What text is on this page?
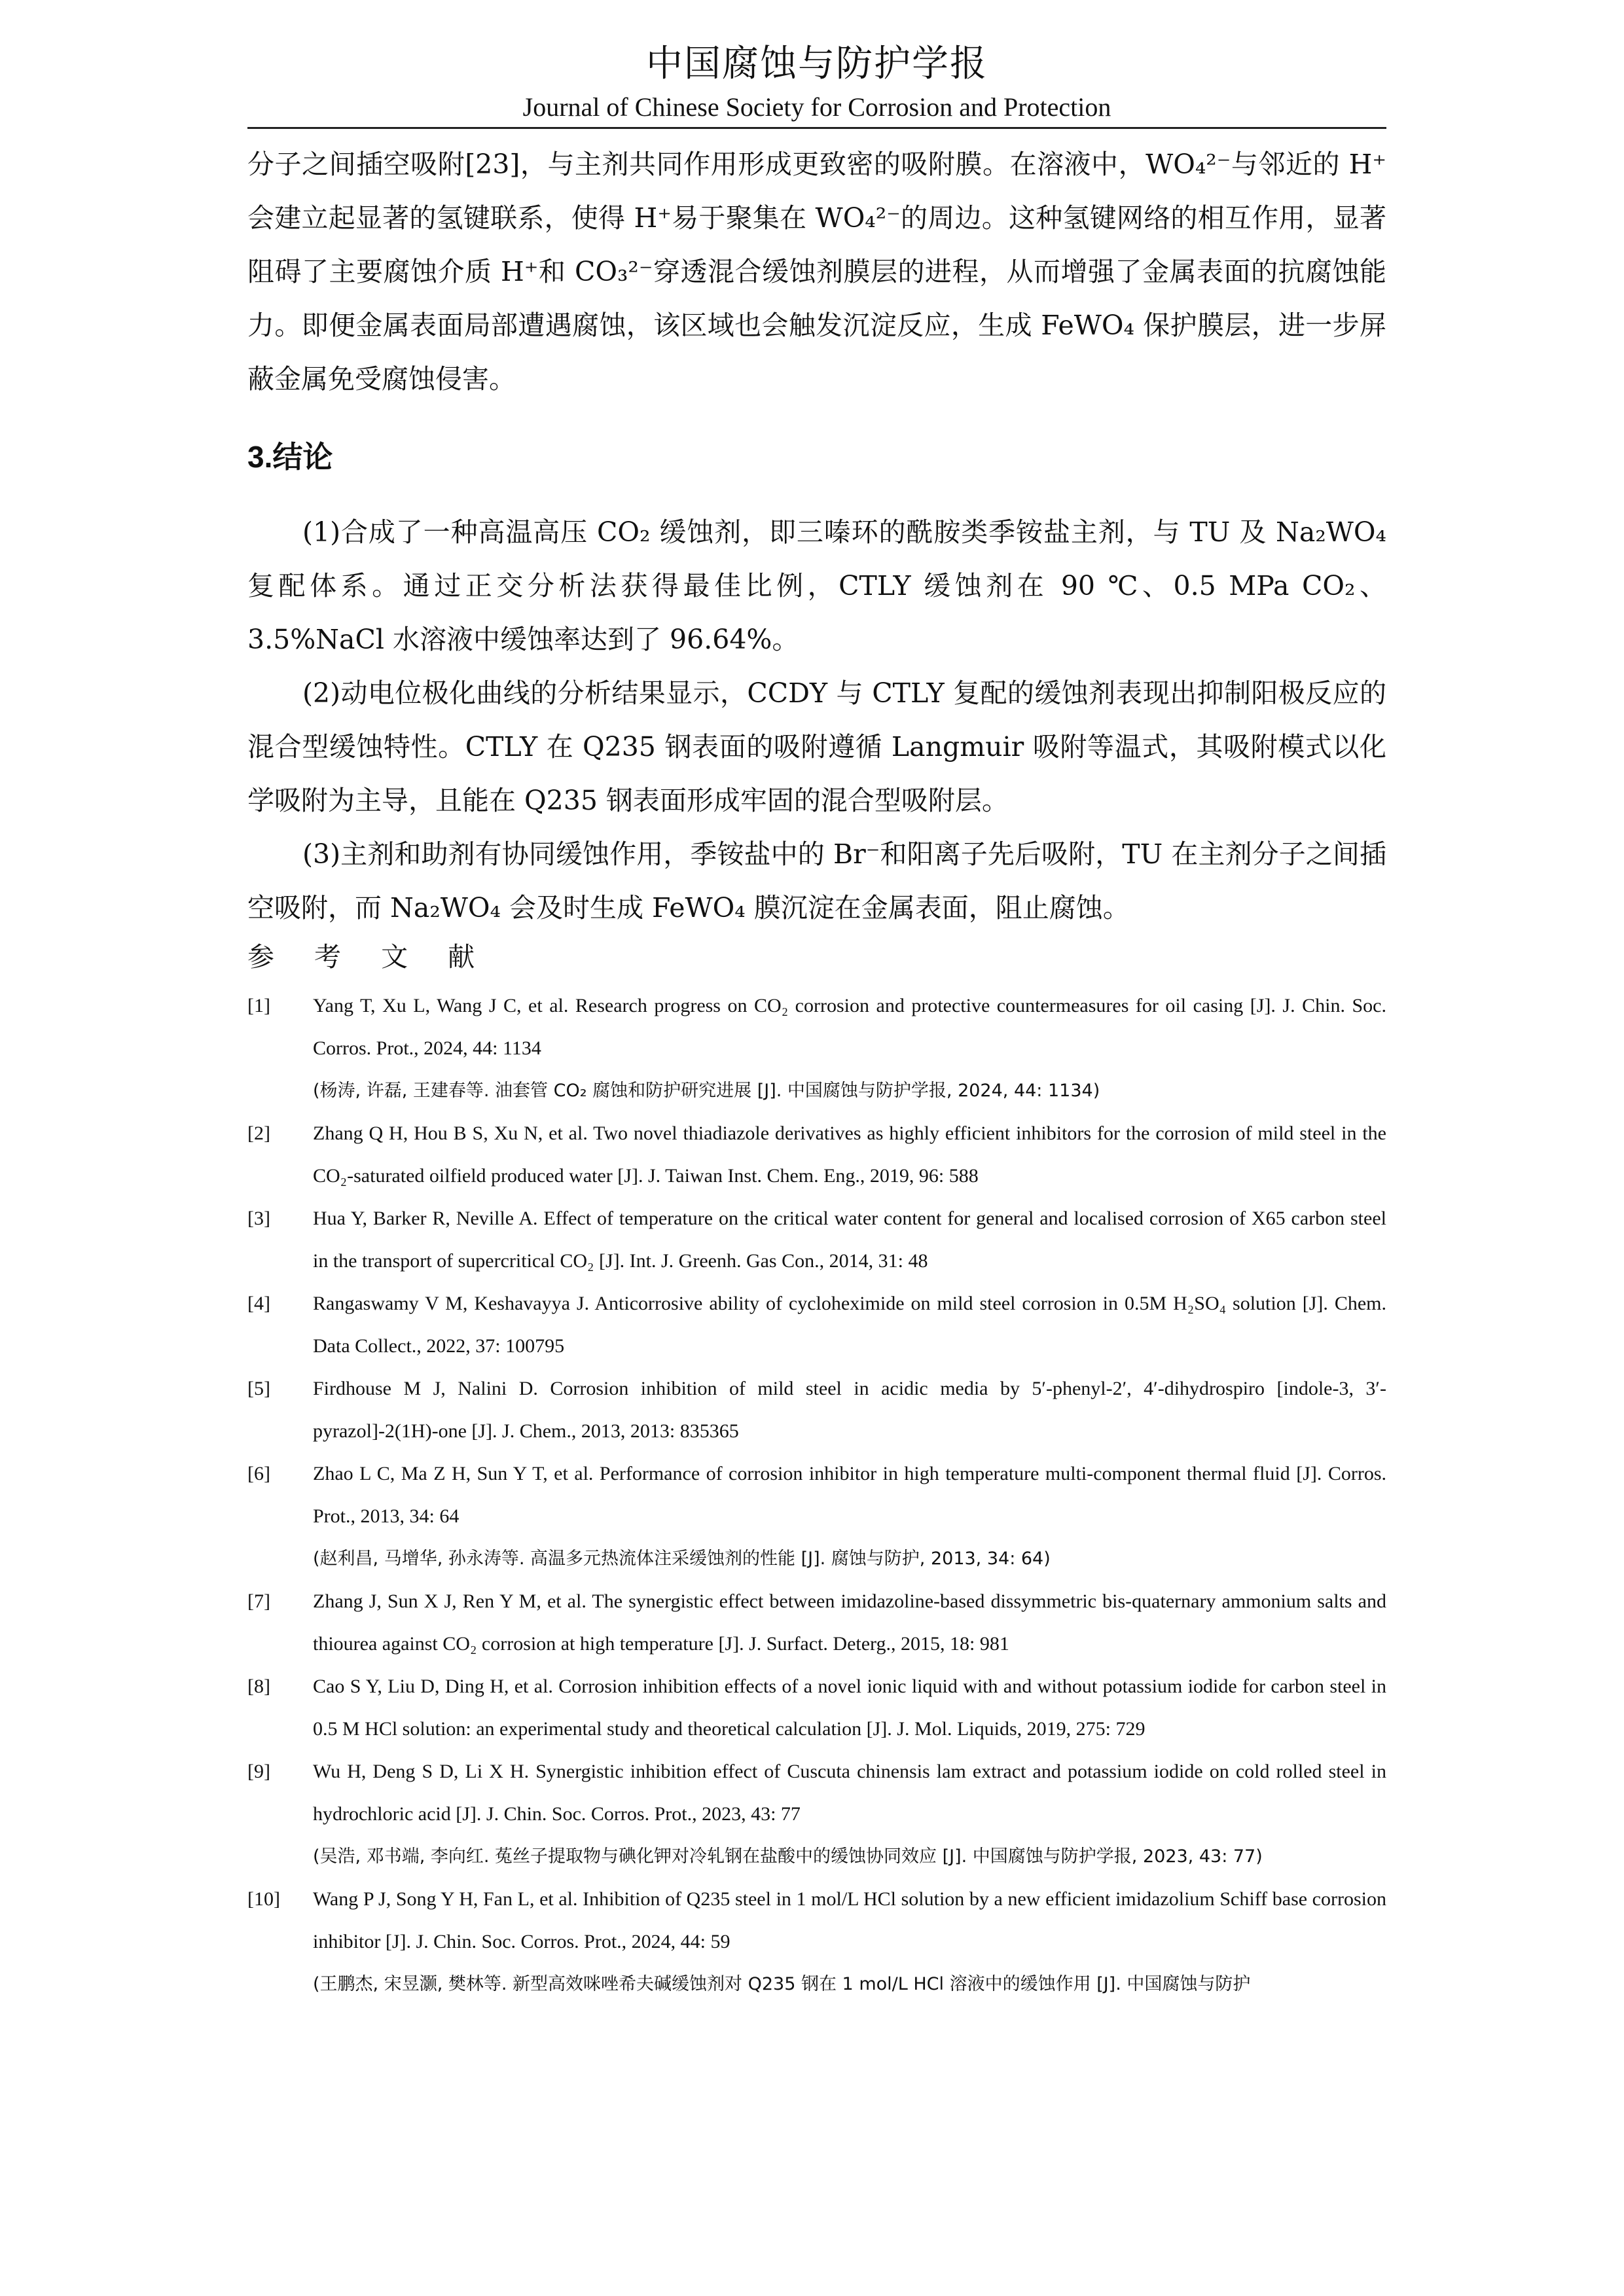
中国腐蚀与防护学报
Journal of Chinese Society for Corrosion and Protection

分子之间插空吸附[23]，与主剂共同作用形成更致密的吸附膜。在溶液中，WO₄²⁻与邻近的 H⁺会建立起显著的氢键联系，使得 H⁺易于聚集在 WO₄²⁻的周边。这种氢键网络的相互作用，显著阻碍了主要腐蚀介质 H⁺和 CO₃²⁻穿透混合缓蚀剂膜层的进程，从而增强了金属表面的抗腐蚀能力。即便金属表面局部遭遇腐蚀，该区域也会触发沉淀反应，生成 FeWO₄ 保护膜层，进一步屏蔽金属免受腐蚀侵害。

3.结论

(1)合成了一种高温高压 CO₂ 缓蚀剂，即三嗪环的酰胺类季铵盐主剂，与 TU 及 Na₂WO₄ 复配体系。通过正交分析法获得最佳比例，CTLY 缓蚀剂在 90 ℃、0.5 MPa CO₂、3.5%NaCl 水溶液中缓蚀率达到了 96.64%。

(2)动电位极化曲线的分析结果显示，CCDY 与 CTLY 复配的缓蚀剂表现出抑制阳极反应的混合型缓蚀特性。CTLY 在 Q235 钢表面的吸附遵循 Langmuir 吸附等温式，其吸附模式以化学吸附为主导，且能在 Q235 钢表面形成牢固的混合型吸附层。

(3)主剂和助剂有协同缓蚀作用，季铵盐中的 Br⁻和阳离子先后吸附，TU 在主剂分子之间插空吸附，而 Na₂WO₄ 会及时生成 FeWO₄ 膜沉淀在金属表面，阻止腐蚀。

参 考 文 献
[1]	Yang T, Xu L, Wang J C, et al. Research progress on CO₂ corrosion and protective countermeasures for oil casing [J]. J. Chin. Soc. Corros. Prot., 2024, 44: 1134
(杨涛, 许磊, 王建春等. 油套管 CO₂ 腐蚀和防护研究进展 [J]. 中国腐蚀与防护学报, 2024, 44: 1134)
[2]	Zhang Q H, Hou B S, Xu N, et al. Two novel thiadiazole derivatives as highly efficient inhibitors for the corrosion of mild steel in the CO₂-saturated oilfield produced water [J]. J. Taiwan Inst. Chem. Eng., 2019, 96: 588
[3]	Hua Y, Barker R, Neville A. Effect of temperature on the critical water content for general and localised corrosion of X65 carbon steel in the transport of supercritical CO₂ [J]. Int. J. Greenh. Gas Con., 2014, 31: 48
[4]	Rangaswamy V M, Keshavayya J. Anticorrosive ability of cycloheximide on mild steel corrosion in 0.5M H₂SO₄ solution [J]. Chem. Data Collect., 2022, 37: 100795
[5]	Firdhouse M J, Nalini D. Corrosion inhibition of mild steel in acidic media by 5′-phenyl-2′, 4′-dihydrospiro [indole-3, 3′-pyrazol]-2(1H)-one [J]. J. Chem., 2013, 2013: 835365
[6]	Zhao L C, Ma Z H, Sun Y T, et al. Performance of corrosion inhibitor in high temperature multi-component thermal fluid [J]. Corros. Prot., 2013, 34: 64
(赵利昌, 马增华, 孙永涛等. 高温多元热流体注采缓蚀剂的性能 [J]. 腐蚀与防护, 2013, 34: 64)
[7]	Zhang J, Sun X J, Ren Y M, et al. The synergistic effect between imidazoline-based dissymmetric bis-quaternary ammonium salts and thiourea against CO₂ corrosion at high temperature [J]. J. Surfact. Deterg., 2015, 18: 981
[8]	Cao S Y, Liu D, Ding H, et al. Corrosion inhibition effects of a novel ionic liquid with and without potassium iodide for carbon steel in 0.5 M HCl solution: an experimental study and theoretical calculation [J]. J. Mol. Liquids, 2019, 275: 729
[9]	Wu H, Deng S D, Li X H. Synergistic inhibition effect of Cuscuta chinensis lam extract and potassium iodide on cold rolled steel in hydrochloric acid [J]. J. Chin. Soc. Corros. Prot., 2023, 43: 77
(吴浩, 邓书端, 李向红. 菟丝子提取物与碘化钾对冷轧钢在盐酸中的缓蚀协同效应 [J]. 中国腐蚀与防护学报, 2023, 43: 77)
[10]	Wang P J, Song Y H, Fan L, et al. Inhibition of Q235 steel in 1 mol/L HCl solution by a new efficient imidazolium Schiff base corrosion inhibitor [J]. J. Chin. Soc. Corros. Prot., 2024, 44: 59
(王鹏杰, 宋昱灏, 樊林等. 新型高效咪唑希夫碱缓蚀剂对 Q235 钢在 1 mol/L HCl 溶液中的缓蚀作用 [J]. 中国腐蚀与防护
